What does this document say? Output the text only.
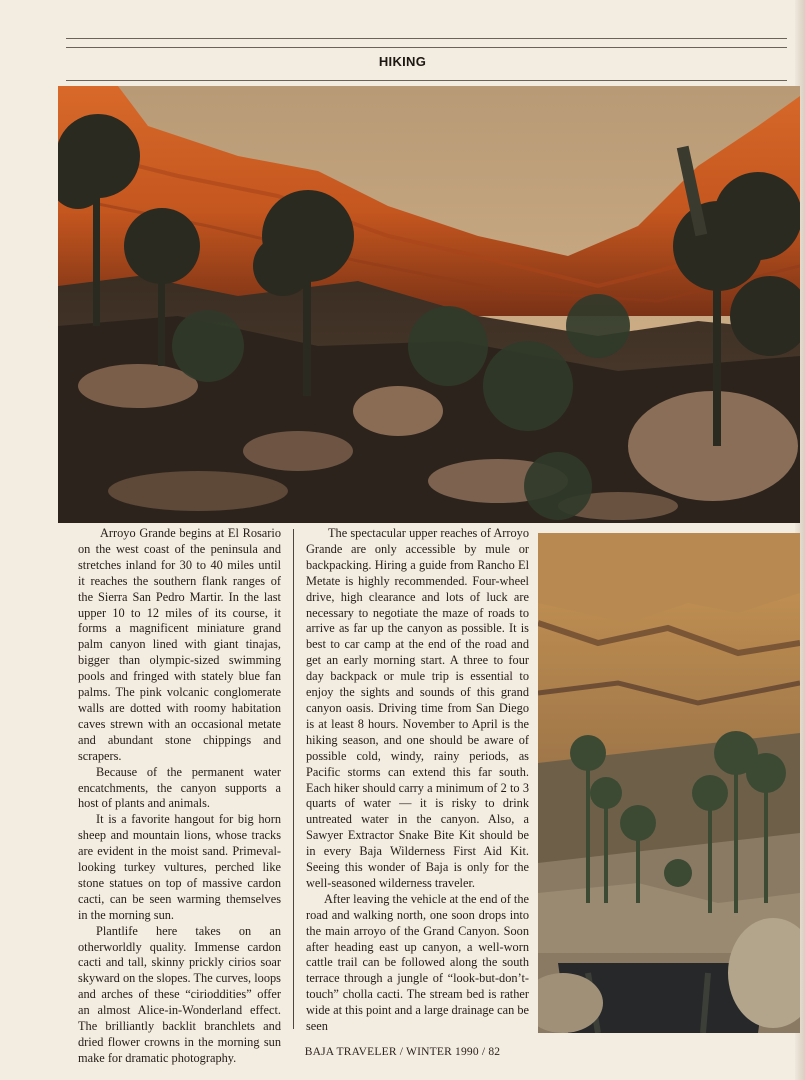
HIKING

Arroyo Grande begins at El Rosario on the west coast of the peninsula and stretches inland for 30 to 40 miles until it reaches the southern flank ranges of the Sierra San Pedro Martir. In the last upper 10 to 12 miles of its course, it forms a magnificent miniature grand palm canyon lined with giant tinajas, bigger than olympic-sized swimming pools and fringed with stately blue fan palms. The pink volcanic conglomerate walls are dotted with roomy habitation caves strewn with an occasional metate and abundant stone chippings and scrapers.

Because of the permanent water encatchments, the canyon supports a host of plants and animals.

It is a favorite hangout for big horn sheep and mountain lions, whose tracks are evident in the moist sand. Primeval-looking turkey vultures, perched like stone statues on top of massive cardon cacti, can be seen warming themselves in the morning sun.

Plantlife here takes on an otherworldly quality. Immense cardon cacti and tall, skinny prickly cirios soar skyward on the slopes. The curves, loops and arches of these “cirioddities” offer an almost Alice-in-Wonderland effect. The brilliantly backlit branchlets and dried flower crowns in the morning sun make for dramatic photography.

The spectacular upper reaches of Arroyo Grande are only accessible by mule or backpacking. Hiring a guide from Rancho El Metate is highly recommended. Four-wheel drive, high clearance and lots of luck are necessary to negotiate the maze of roads to arrive as far up the canyon as possible. It is best to car camp at the end of the road and get an early morning start. A three to four day backpack or mule trip is essential to enjoy the sights and sounds of this grand canyon oasis. Driving time from San Diego is at least 8 hours. November to April is the hiking season, and one should be aware of possible cold, windy, rainy periods, as Pacific storms can extend this far south. Each hiker should carry a minimum of 2 to 3 quarts of water — it is risky to drink untreated water in the canyon. Also, a Sawyer Extractor Snake Bite Kit should be in every Baja Wilderness First Aid Kit. Seeing this wonder of Baja is only for the well-seasoned wilderness traveler.

After leaving the vehicle at the end of the road and walking north, one soon drops into the main arroyo of the Grand Canyon. Soon after heading east up canyon, a well-worn cattle trail can be followed along the south terrace through a jungle of “look-but-don’t-touch” cholla cacti. The stream bed is rather wide at this point and a large drainage can be seen

BAJA TRAVELER / WINTER 1990 / 82
